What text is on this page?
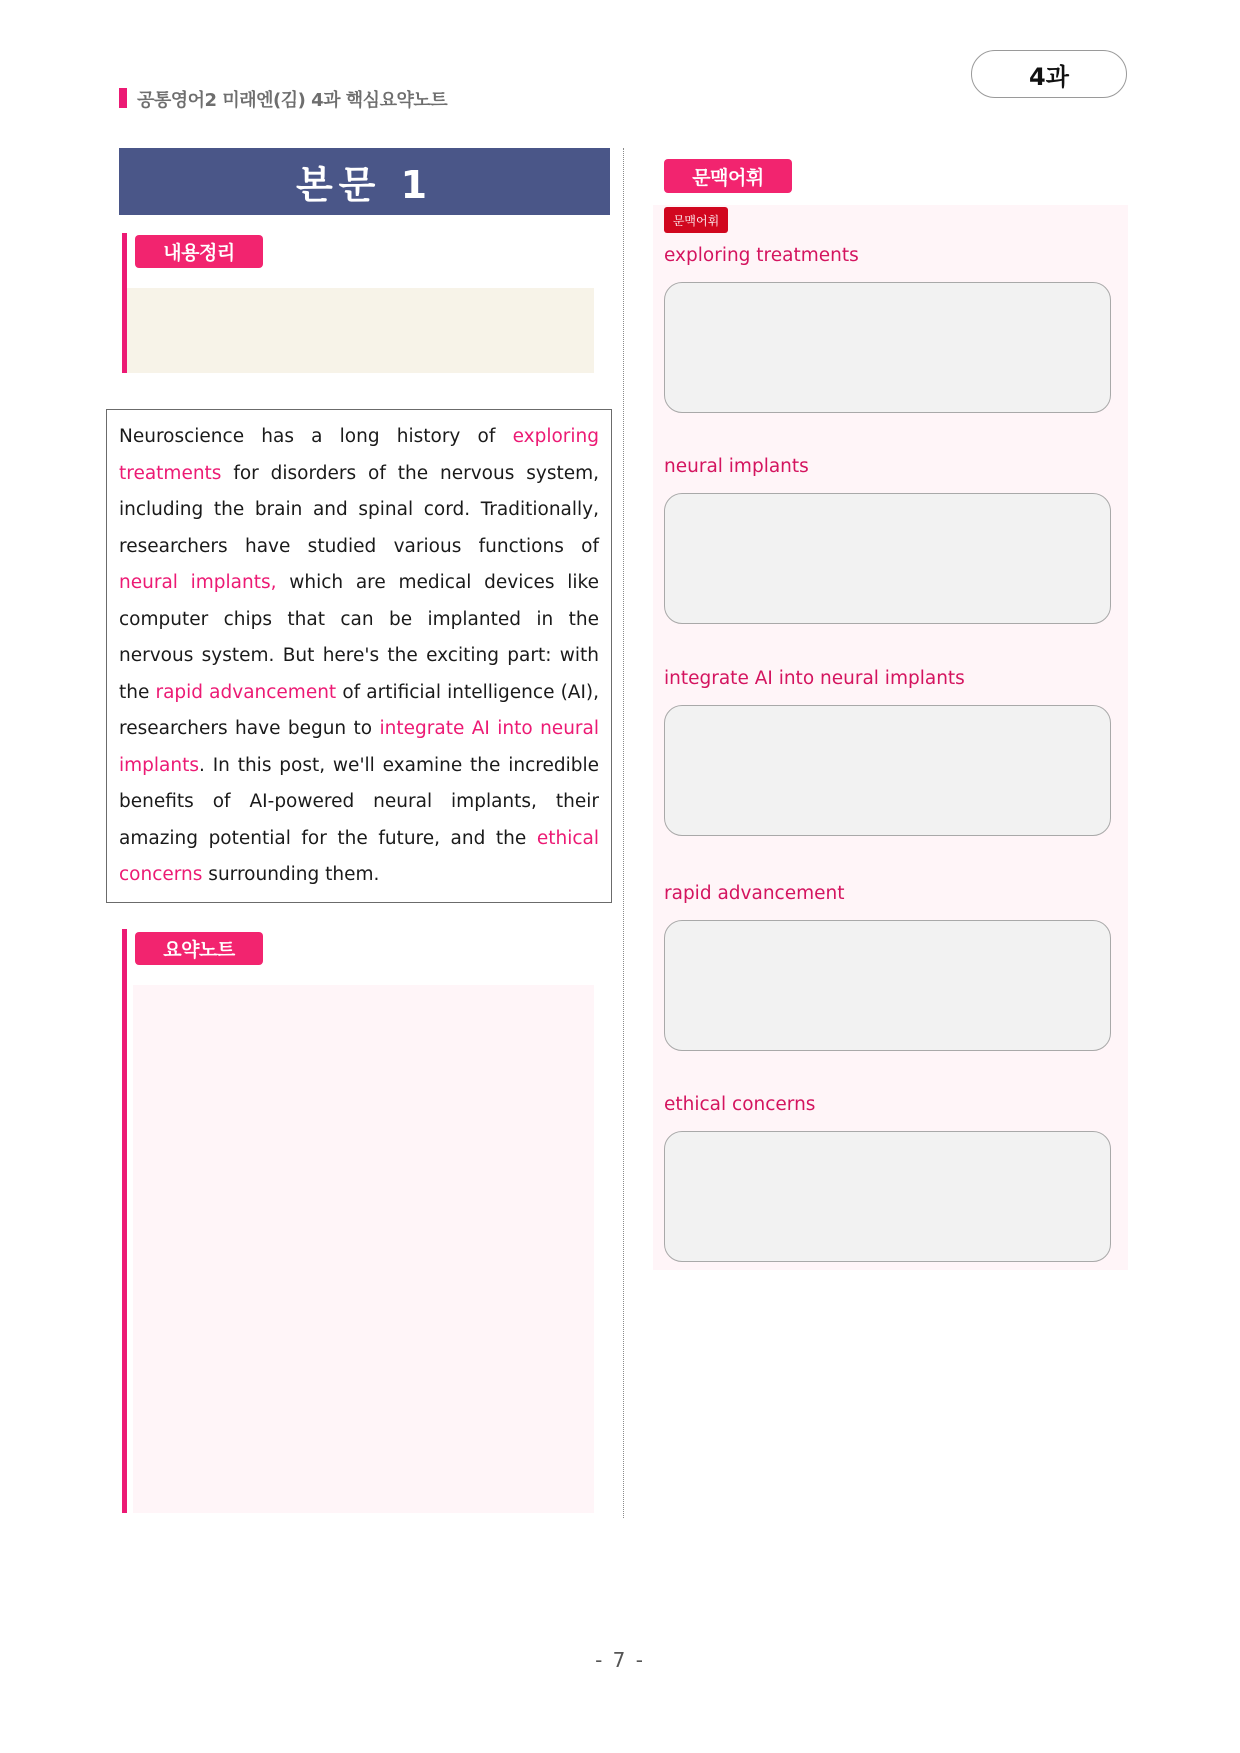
공통영어2 미래엔(김) 4과 핵심요약노트
4과
본문 1
내용정리
Neuroscience has a long history of exploring treatments for disorders of the nervous system, including the brain and spinal cord. Traditionally, researchers have studied various functions of neural implants, which are medical devices like computer chips that can be implanted in the nervous system. But here's the exciting part: with the rapid advancement of artificial intelligence (AI), researchers have begun to integrate AI into neural implants. In this post, we'll examine the incredible benefits of AI-powered neural implants, their amazing potential for the future, and the ethical concerns surrounding them.
요약노트
문맥어휘
문맥어휘
exploring treatments
neural implants
integrate AI into neural implants
rapid advancement
ethical concerns
- 7 -
